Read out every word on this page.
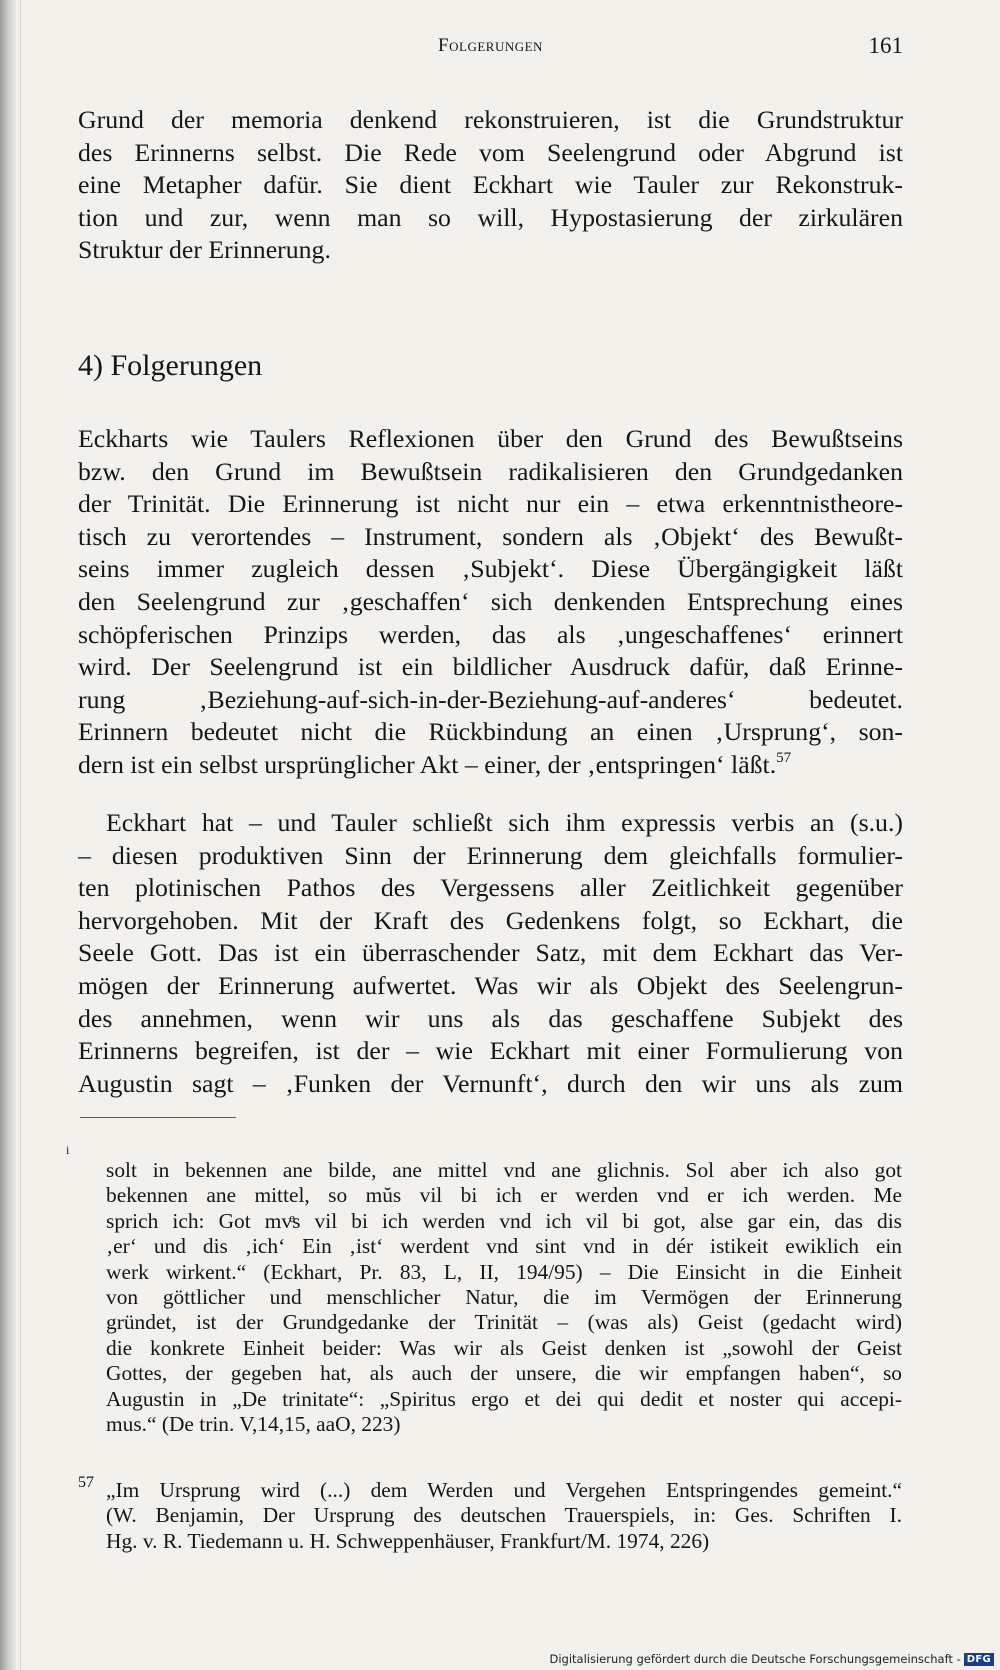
Folgerungen	161
Grund der memoria denkend rekonstruieren, ist die Grundstruktur
des Erinnerns selbst. Die Rede vom Seelengrund oder Abgrund ist
eine Metapher dafür. Sie dient Eckhart wie Tauler zur Rekonstruk-
tion und zur, wenn man so will, Hypostasierung der zirkulären
Struktur der Erinnerung.
4) Folgerungen
Eckharts wie Taulers Reflexionen über den Grund des Bewußtseins
bzw. den Grund im Bewußtsein radikalisieren den Grundgedanken
der Trinität. Die Erinnerung ist nicht nur ein – etwa erkenntnistheore-
tisch zu verortendes – Instrument, sondern als ‚Objekt‘ des Bewußt-
seins immer zugleich dessen ‚Subjekt‘. Diese Übergängigkeit läßt
den Seelengrund zur ‚geschaffen‘ sich denkenden Entsprechung eines
schöpferischen Prinzips werden, das als ‚ungeschaffenes‘ erinnert
wird. Der Seelengrund ist ein bildlicher Ausdruck dafür, daß Erinne-
rung ‚Beziehung-auf-sich-in-der-Beziehung-auf-anderes‘ bedeutet.
Erinnern bedeutet nicht die Rückbindung an einen ‚Ursprung‘, son-
dern ist ein selbst ursprünglicher Akt – einer, der ‚entspringen‘ läßt.$^{57}$
Eckhart hat – und Tauler schließt sich ihm expressis verbis an (s.u.)
– diesen produktiven Sinn der Erinnerung dem gleichfalls formulier-
ten plotinischen Pathos des Vergessens aller Zeitlichkeit gegenüber
hervorgehoben. Mit der Kraft des Gedenkens folgt, so Eckhart, die
Seele Gott. Das ist ein überraschender Satz, mit dem Eckhart das Ver-
mögen der Erinnerung aufwertet. Was wir als Objekt des Seelengrun-
des annehmen, wenn wir uns als das geschaffene Subjekt des
Erinnerns begreifen, ist der – wie Eckhart mit einer Formulierung von
Augustin sagt – ‚Funken der Vernunft‘, durch den wir uns als zum
i
solt in bekennen ane bilde, ane mittel vnd ane glichnis. Sol aber ich also got
bekennen ane mittel, so mŭs vil bi ich er werden vnd er ich werden. Me
sprich ich: Got mvͤs vil bi ich werden vnd ich vil bi got, alse gar ein, das dis
‚er‘ und dis ‚ich‘ Ein ‚ist‘ werdent vnd sint vnd in dér istikeit ewiklich ein
werk wirkent.“ (Eckhart, Pr. 83, L, II, 194/95) – Die Einsicht in die Einheit
von göttlicher und menschlicher Natur, die im Vermögen der Erinnerung
gründet, ist der Grundgedanke der Trinität – (was als) Geist (gedacht wird)
die konkrete Einheit beider: Was wir als Geist denken ist „sowohl der Geist
Gottes, der gegeben hat, als auch der unsere, die wir empfangen haben“, so
Augustin in „De trinitate“: „Spiritus ergo et dei qui dedit et noster qui accepi-
mus.“ (De trin. V,14,15, aaO, 223)
57 „Im Ursprung wird (...) dem Werden und Vergehen Entspringendes gemeint.“
(W. Benjamin, Der Ursprung des deutschen Trauerspiels, in: Ges. Schriften I.
Hg. v. R. Tiedemann u. H. Schweppenhäuser, Frankfurt/M. 1974, 226)
Digitalisierung gefördert durch die Deutsche Forschungsgemeinschaft - DFG
